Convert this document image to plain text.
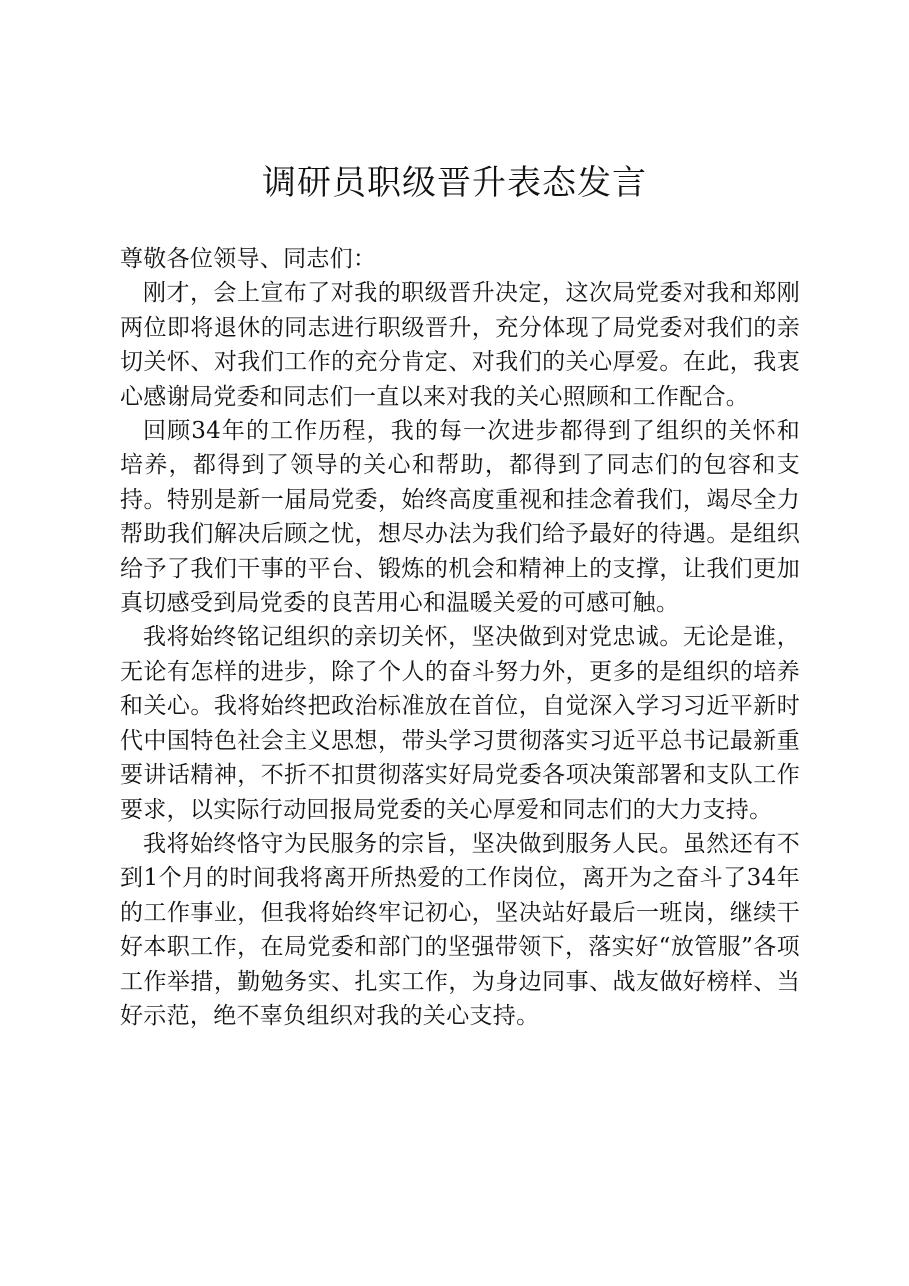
调研员职级晋升表态发言

尊敬各位领导、同志们：

刚才，会上宣布了对我的职级晋升决定，这次局党委对我和郑刚两位即将退休的同志进行职级晋升，充分体现了局党委对我们的亲切关怀、对我们工作的充分肯定、对我们的关心厚爱。在此，我衷心感谢局党委和同志们一直以来对我的关心照顾和工作配合。

回顾34年的工作历程，我的每一次进步都得到了组织的关怀和培养，都得到了领导的关心和帮助，都得到了同志们的包容和支持。特别是新一届局党委，始终高度重视和挂念着我们，竭尽全力帮助我们解决后顾之忧，想尽办法为我们给予最好的待遇。是组织给予了我们干事的平台、锻炼的机会和精神上的支撑，让我们更加真切感受到局党委的良苦用心和温暖关爱的可感可触。

我将始终铭记组织的亲切关怀，坚决做到对党忠诚。无论是谁，无论有怎样的进步，除了个人的奋斗努力外，更多的是组织的培养和关心。我将始终把政治标准放在首位，自觉深入学习习近平新时代中国特色社会主义思想，带头学习贯彻落实习近平总书记最新重要讲话精神，不折不扣贯彻落实好局党委各项决策部署和支队工作要求，以实际行动回报局党委的关心厚爱和同志们的大力支持。

我将始终恪守为民服务的宗旨，坚决做到服务人民。虽然还有不到1个月的时间我将离开所热爱的工作岗位，离开为之奋斗了34年的工作事业，但我将始终牢记初心，坚决站好最后一班岗，继续干好本职工作，在局党委和部门的坚强带领下，落实好“放管服”各项工作举措，勤勉务实、扎实工作，为身边同事、战友做好榜样、当好示范，绝不辜负组织对我的关心支持。
